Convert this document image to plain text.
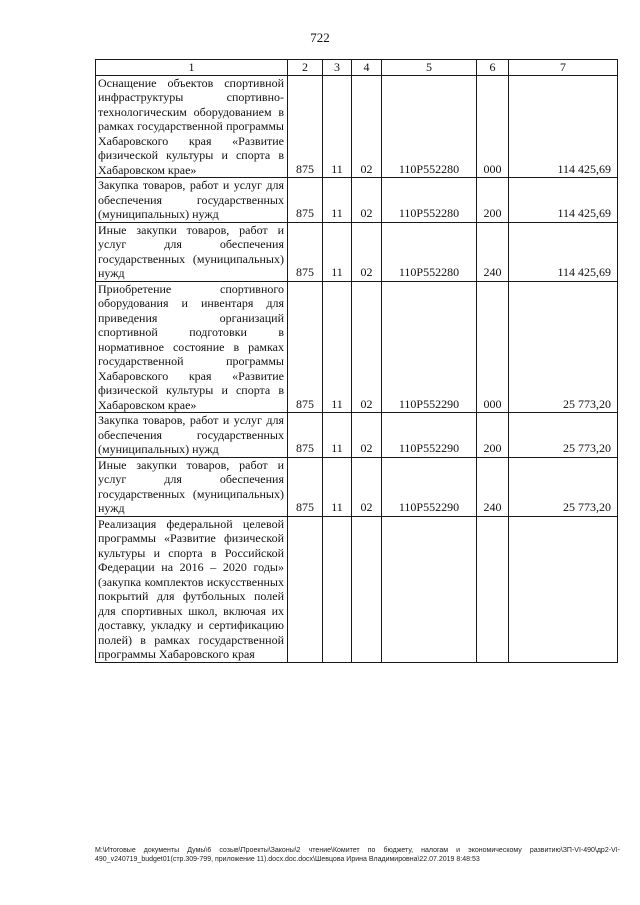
722
1	2	3	4	5	6	7
Оснащение объектов спортивной инфраструктуры спортивно-технологическим оборудованием в рамках государственной программы Хабаровского края «Развитие физической культуры и спорта в Хабаровском крае»	875	11	02	110P552280	000	114 425,69
Закупка товаров, работ и услуг для обеспечения государственных (муниципальных) нужд	875	11	02	110P552280	200	114 425,69
Иные закупки товаров, работ и услуг для обеспечения государственных (муниципальных) нужд	875	11	02	110P552280	240	114 425,69
Приобретение спортивного оборудования и инвентаря для приведения организаций спортивной подготовки в нормативное состояние в рамках государственной программы Хабаровского края «Развитие физической культуры и спорта в Хабаровском крае»	875	11	02	110P552290	000	25 773,20
Закупка товаров, работ и услуг для обеспечения государственных (муниципальных) нужд	875	11	02	110P552290	200	25 773,20
Иные закупки товаров, работ и услуг для обеспечения государственных (муниципальных) нужд	875	11	02	110P552290	240	25 773,20
Реализация федеральной целевой программы «Развитие физической культуры и спорта в Российской Федерации на 2016 – 2020 годы» (закупка комплектов искусственных покрытий для футбольных полей для спортивных школ, включая их доставку, укладку и сертификацию полей) в рамках государственной программы Хабаровского края						
M:\Итоговые документы Думы\6 созыв\Проекты\Законы\2 чтение\Комитет по бюджету, налогам и экономическому развитию\ЗП-VI-490\др2-VI-490_v240719_budget01(стр.309-799, приложение 11).docx.doc.docx\Шевцова Ирина Владимировна\22.07.2019 8:48:53
